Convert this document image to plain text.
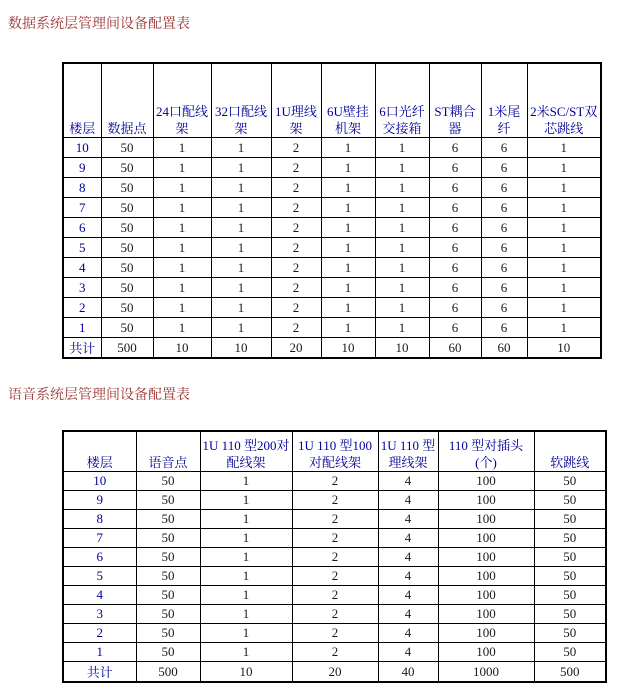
数据系统层管理间设备配置表
楼层	数据点	24口配线架	32口配线架	1U理线架	6U壁挂机架	6口光纤交接箱	ST耦合器	1米尾纤	2米SC/ST双芯跳线
10	50	1	1	2	1	1	6	6	1
9	50	1	1	2	1	1	6	6	1
8	50	1	1	2	1	1	6	6	1
7	50	1	1	2	1	1	6	6	1
6	50	1	1	2	1	1	6	6	1
5	50	1	1	2	1	1	6	6	1
4	50	1	1	2	1	1	6	6	1
3	50	1	1	2	1	1	6	6	1
2	50	1	1	2	1	1	6	6	1
1	50	1	1	2	1	1	6	6	1
共计	500	10	10	20	10	10	60	60	10
语音系统层管理间设备配置表
楼层	语音点	1U 110 型200对配线架	1U 110 型100对配线架	1U 110 型理线架	110 型对插头(个)	软跳线
10	50	1	2	4	100	50
9	50	1	2	4	100	50
8	50	1	2	4	100	50
7	50	1	2	4	100	50
6	50	1	2	4	100	50
5	50	1	2	4	100	50
4	50	1	2	4	100	50
3	50	1	2	4	100	50
2	50	1	2	4	100	50
1	50	1	2	4	100	50
共计	500	10	20	40	1000	500
